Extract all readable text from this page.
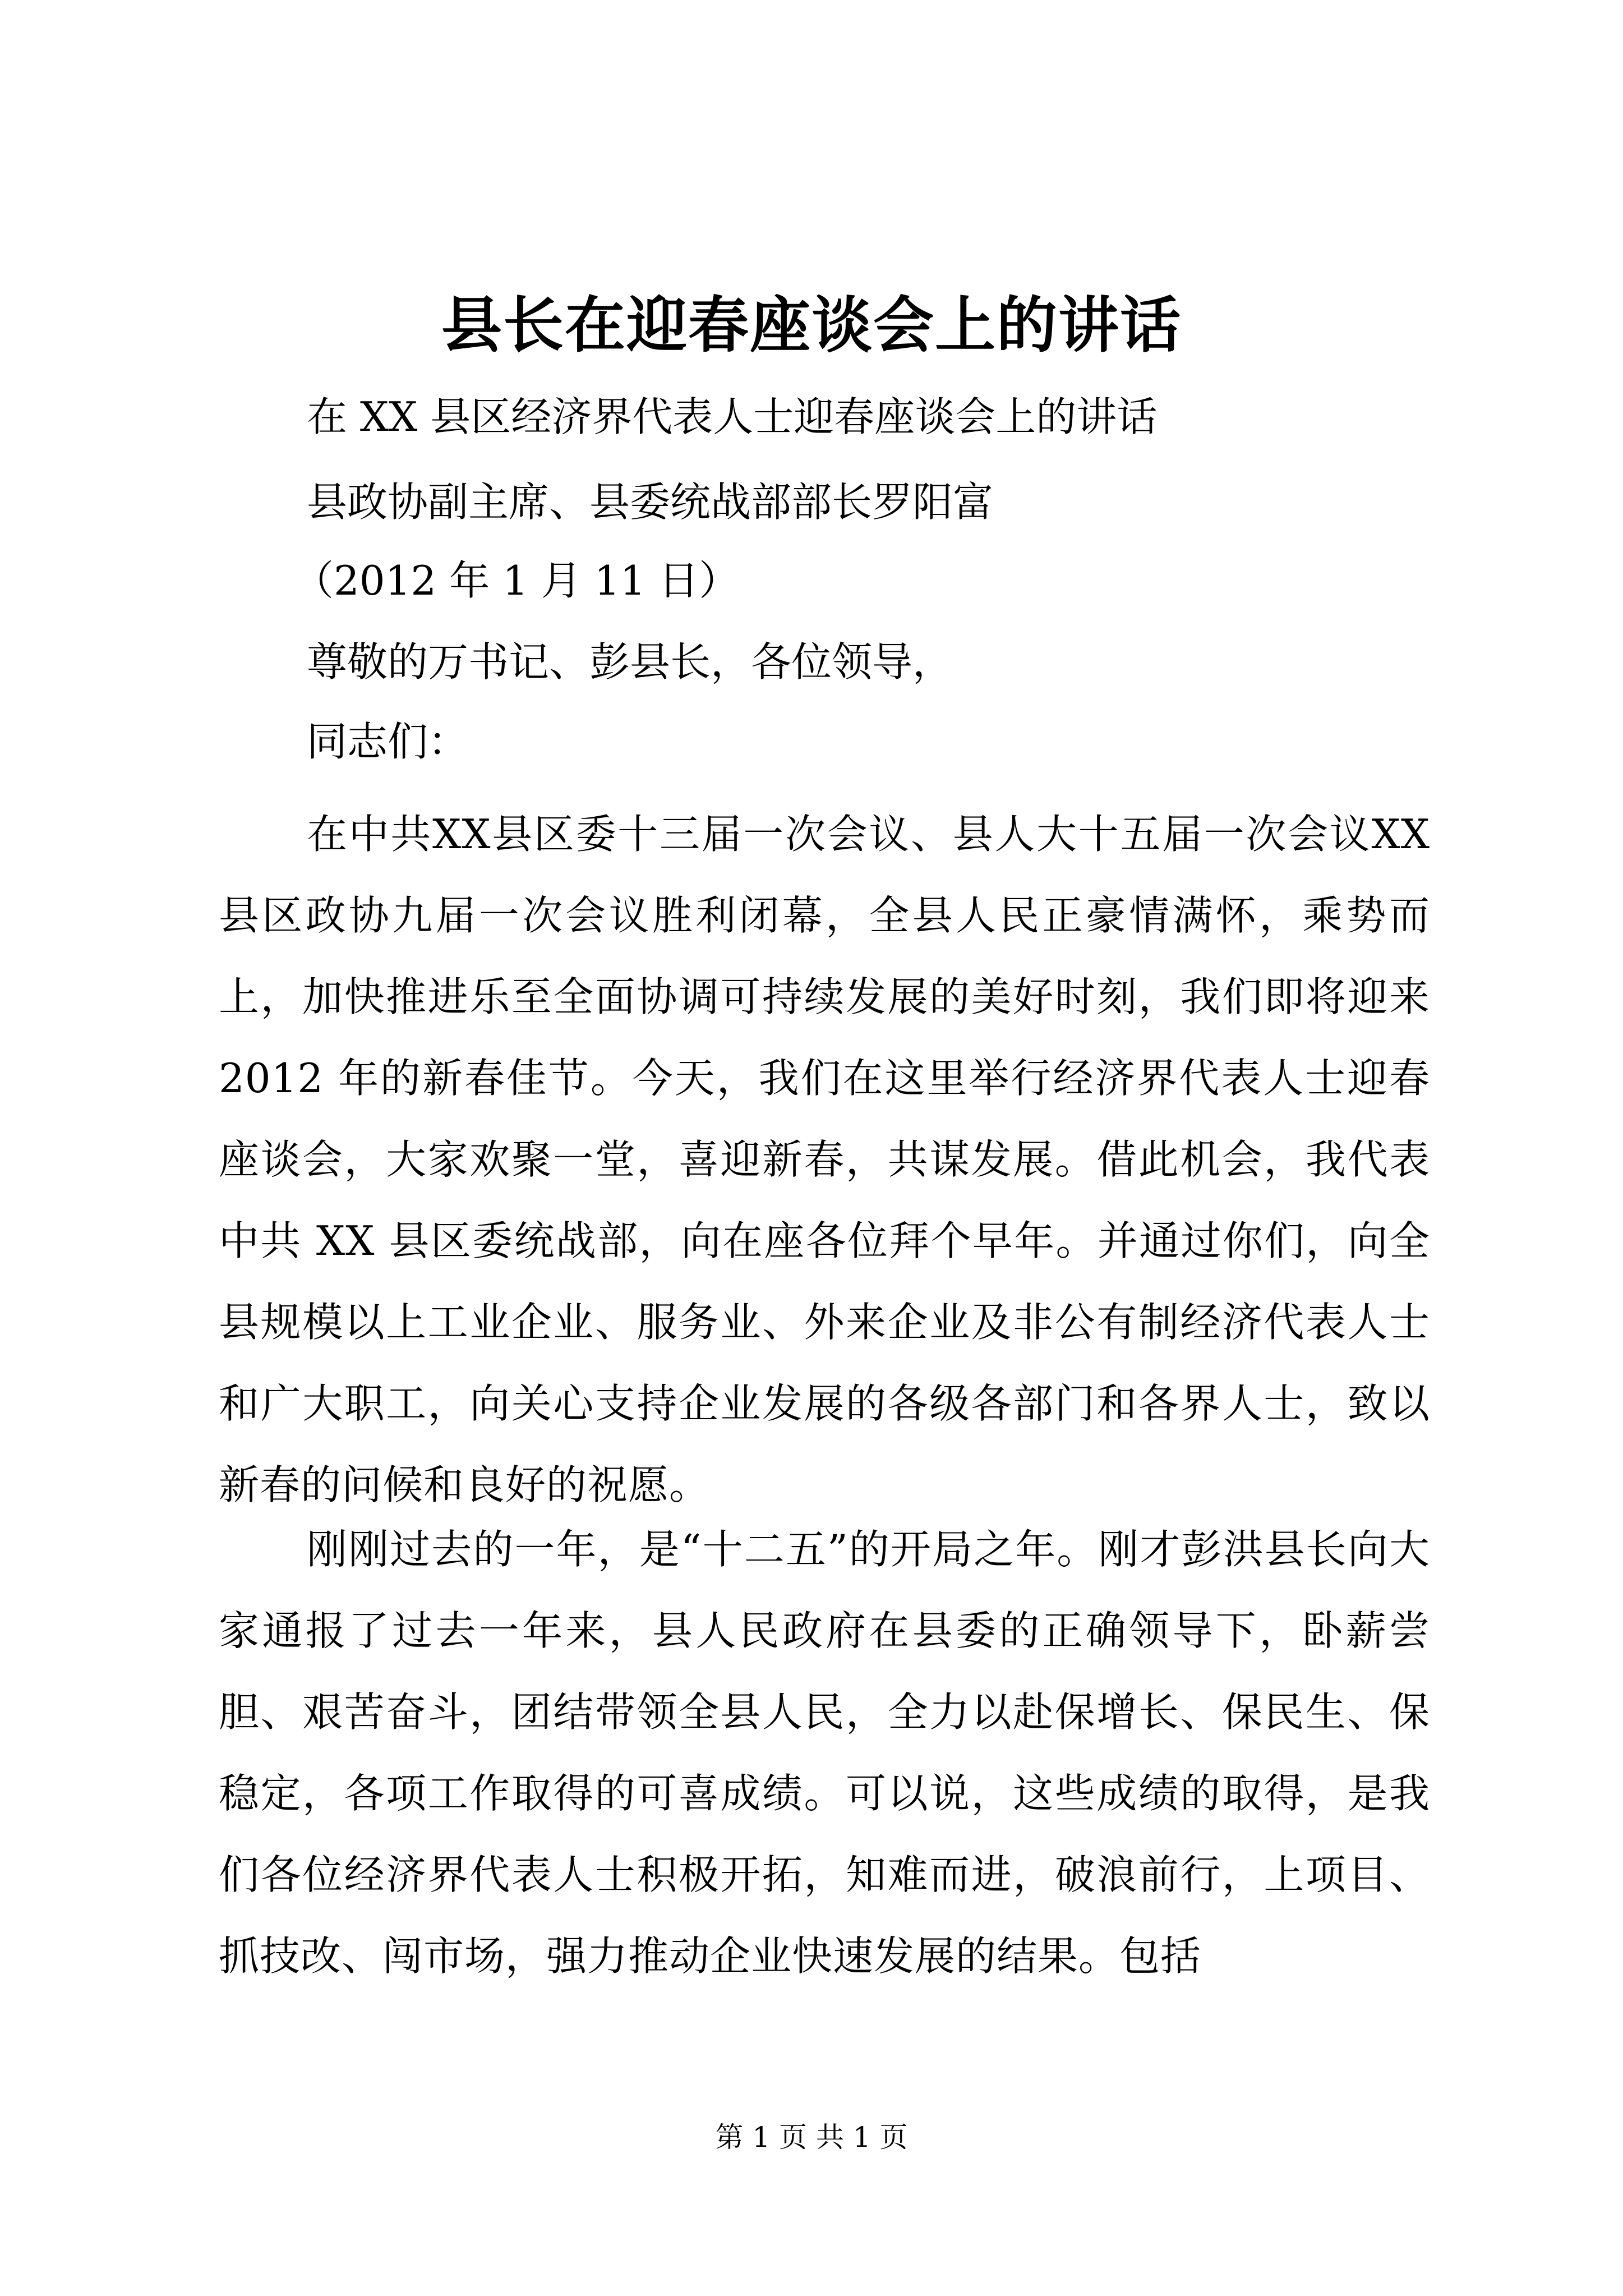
县长在迎春座谈会上的讲话
在 XX 县区经济界代表人士迎春座谈会上的讲话
县政协副主席、县委统战部部长罗阳富
（2012 年 1 月 11 日）
尊敬的万书记、彭县长，各位领导，
同志们：
在中共XX县区委十三届一次会议、县人大十五届一次会议XX县区政协九届一次会议胜利闭幕，全县人民正豪情满怀，乘势而上，加快推进乐至全面协调可持续发展的美好时刻，我们即将迎来 2012 年的新春佳节。今天，我们在这里举行经济界代表人士迎春座谈会，大家欢聚一堂，喜迎新春，共谋发展。借此机会，我代表中共 XX 县区委统战部，向在座各位拜个早年。并通过你们，向全县规模以上工业企业、服务业、外来企业及非公有制经济代表人士和广大职工，向关心支持企业发展的各级各部门和各界人士，致以新春的问候和良好的祝愿。
刚刚过去的一年，是“十二五”的开局之年。刚才彭洪县长向大家通报了过去一年来，县人民政府在县委的正确领导下，卧薪尝胆、艰苦奋斗，团结带领全县人民，全力以赴保增长、保民生、保稳定，各项工作取得的可喜成绩。可以说，这些成绩的取得，是我们各位经济界代表人士积极开拓，知难而进，破浪前行，上项目、抓技改、闯市场，强力推动企业快速发展的结果。包括
第 1 页 共 1 页
